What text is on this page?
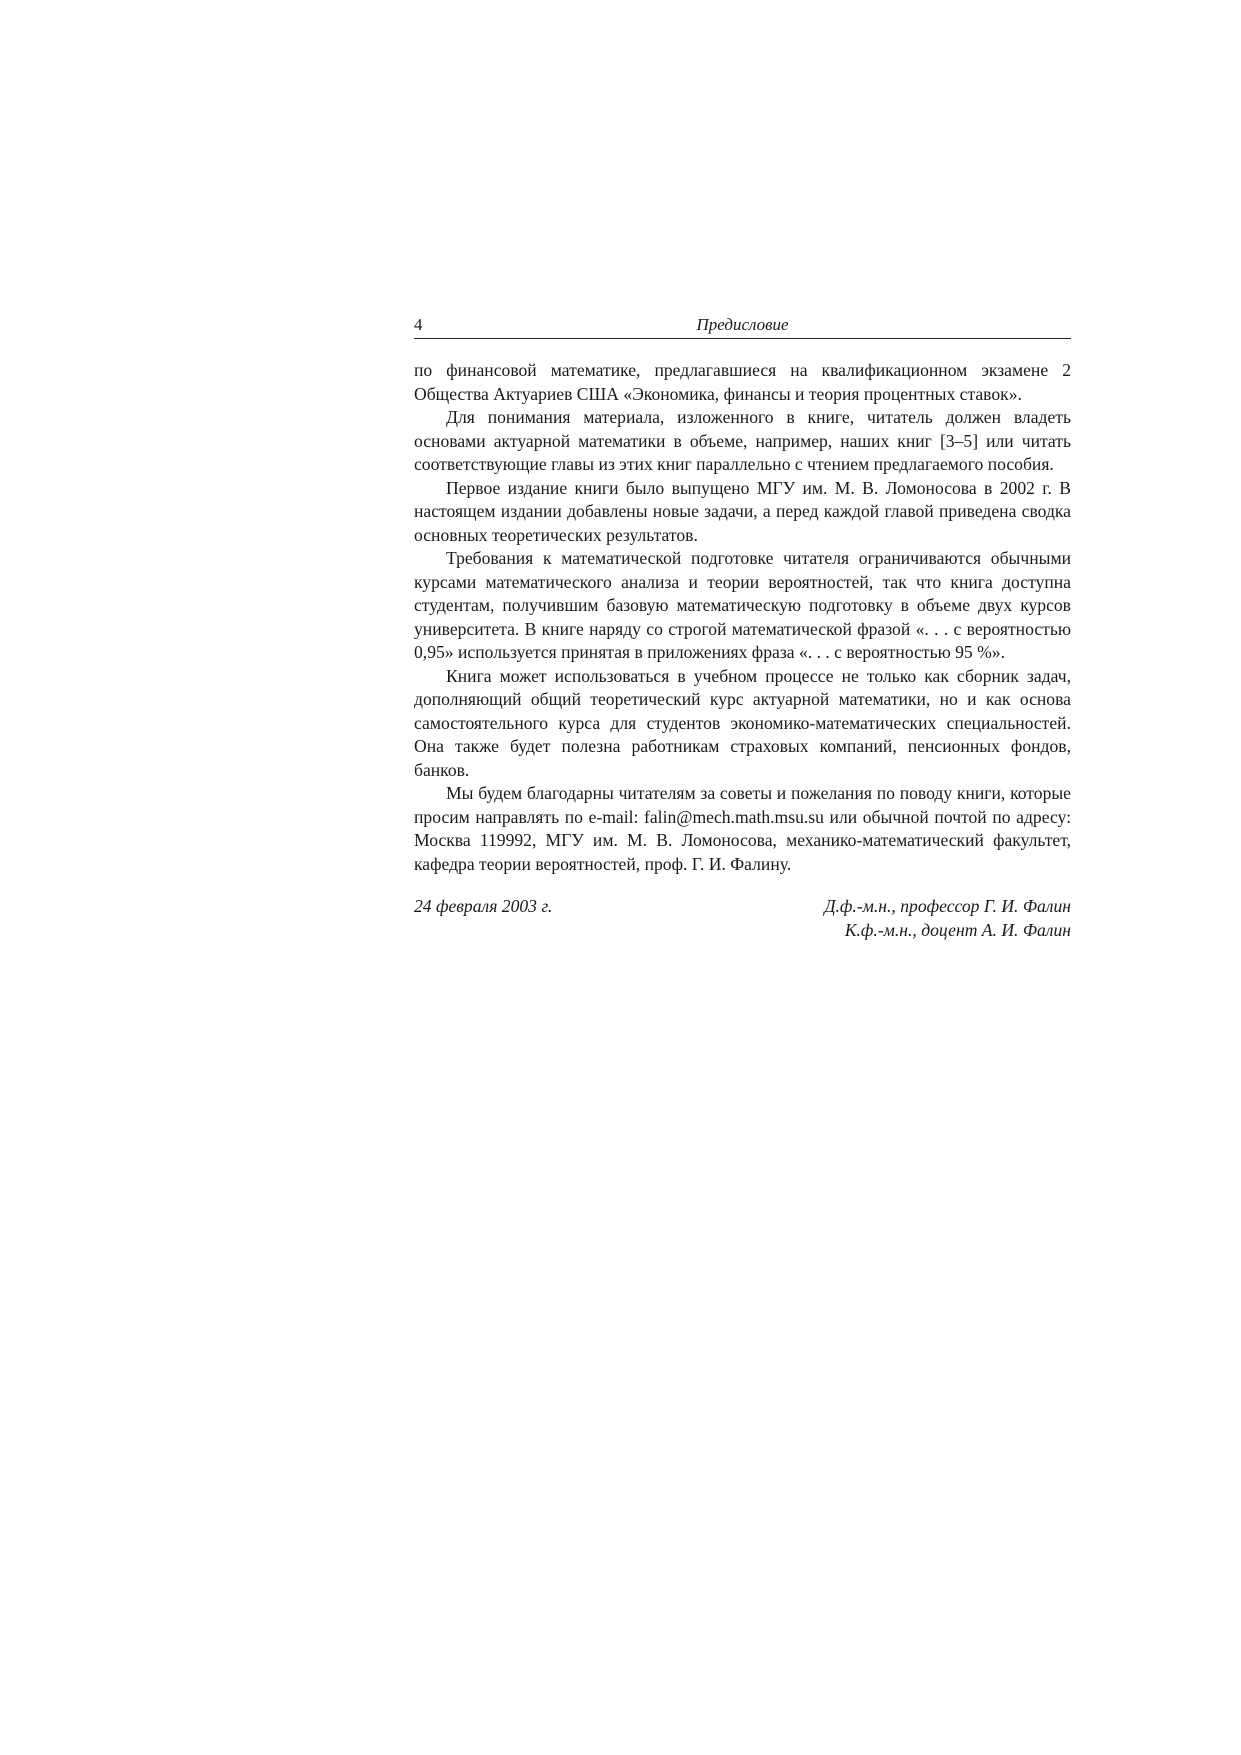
4	Предисловие

по финансовой математике, предлагавшиеся на квалификационном экзамене 2 Общества Актуариев США «Экономика, финансы и теория процентных ставок».

Для понимания материала, изложенного в книге, читатель должен владеть основами актуарной математики в объеме, например, наших книг [3–5] или читать соответствующие главы из этих книг параллельно с чтением предлагаемого пособия.

Первое издание книги было выпущено МГУ им. М. В. Ломоносова в 2002 г. В настоящем издании добавлены новые задачи, а перед каждой главой приведена сводка основных теоретических результатов.

Требования к математической подготовке читателя ограничиваются обычными курсами математического анализа и теории вероятностей, так что книга доступна студентам, получившим базовую математическую подготовку в объеме двух курсов университета. В книге наряду со строгой математической фразой «. . . с вероятностью 0,95» используется принятая в приложениях фраза «. . . с вероятностью 95 %».

Книга может использоваться в учебном процессе не только как сборник задач, дополняющий общий теоретический курс актуарной математики, но и как основа самостоятельного курса для студентов экономико-математических специальностей. Она также будет полезна работникам страховых компаний, пенсионных фондов, банков.

Мы будем благодарны читателям за советы и пожелания по поводу книги, которые просим направлять по e-mail: falin@mech.math.msu.su или обычной почтой по адресу: Москва 119992, МГУ им. М. В. Ломоносова, механико-математический факультет, кафедра теории вероятностей, проф. Г. И. Фалину.

24 февраля 2003 г.	Д.ф.-м.н., профессор Г. И. Фалин
К.ф.-м.н., доцент А. И. Фалин
